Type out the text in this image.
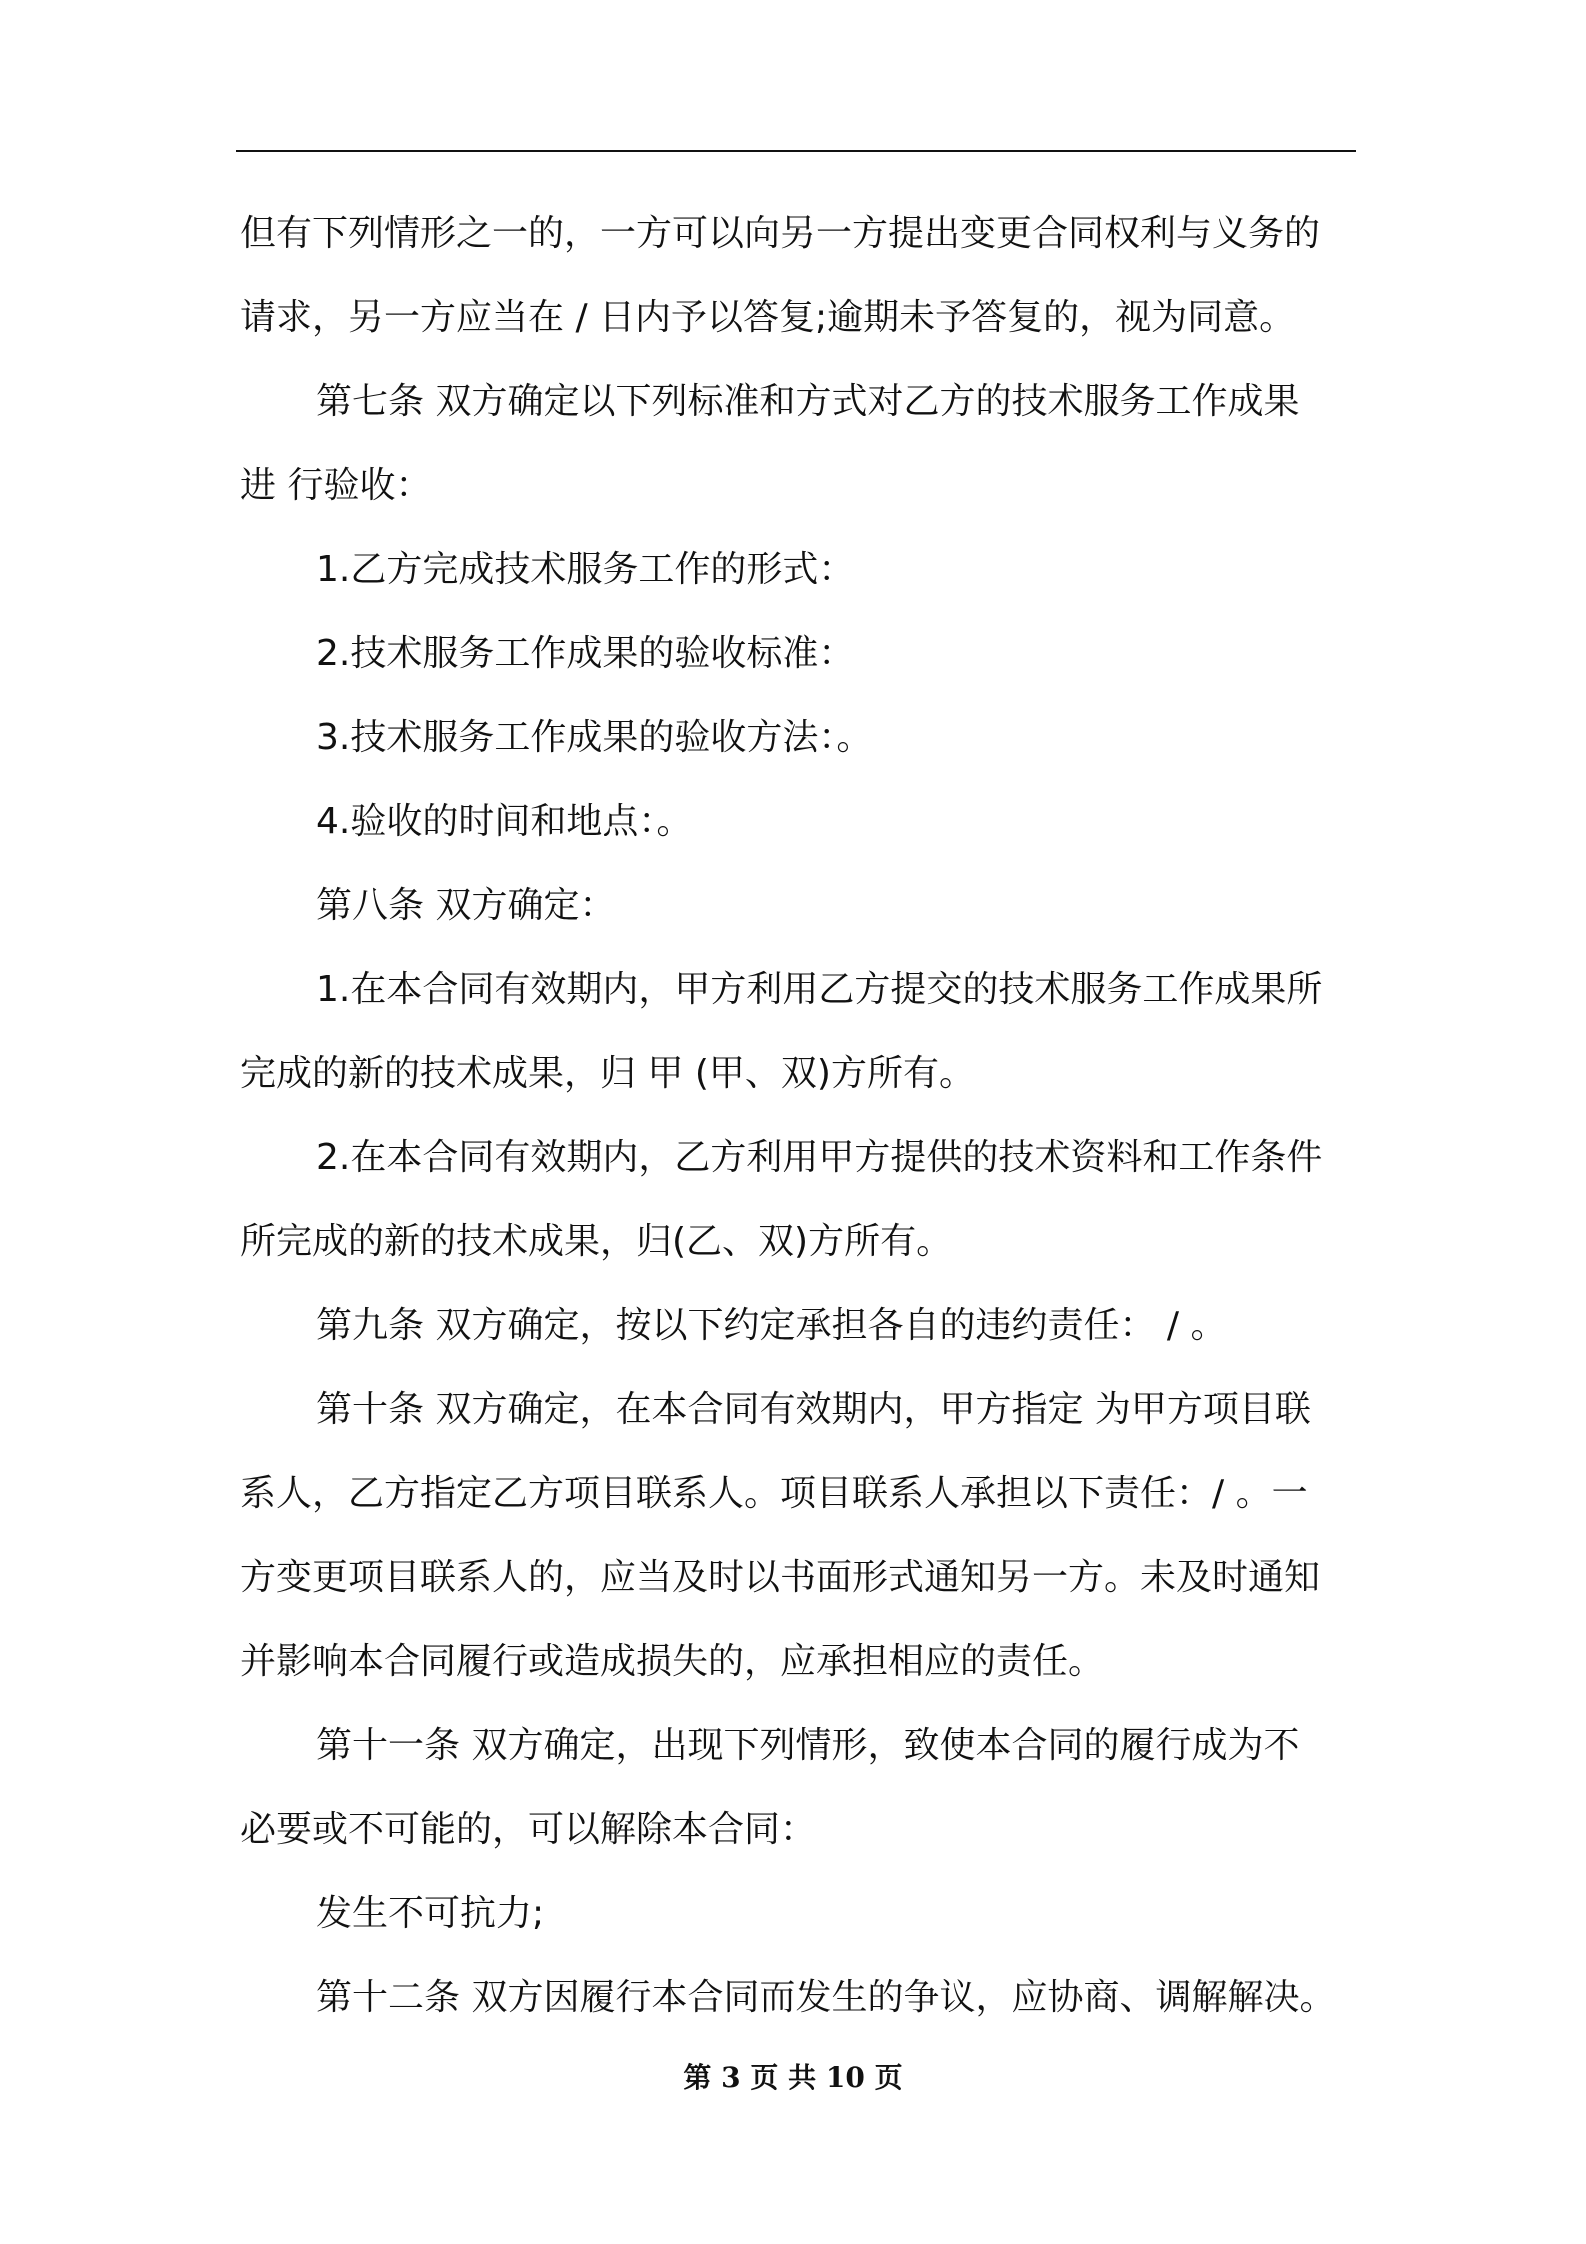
但有下列情形之一的，一方可以向另一方提出变更合同权利与义务的
请求，另一方应当在 / 日内予以答复;逾期未予答复的，视为同意。
第七条 双方确定以下列标准和方式对乙方的技术服务工作成果
进 行验收：
1.乙方完成技术服务工作的形式：
2.技术服务工作成果的验收标准：
3.技术服务工作成果的验收方法：。
4.验收的时间和地点：。
第八条 双方确定：
1.在本合同有效期内，甲方利用乙方提交的技术服务工作成果所
完成的新的技术成果，归 甲 (甲、双)方所有。
2.在本合同有效期内，乙方利用甲方提供的技术资料和工作条件
所完成的新的技术成果，归(乙、双)方所有。
第九条 双方确定，按以下约定承担各自的违约责任： / 。
第十条 双方确定，在本合同有效期内，甲方指定 为甲方项目联
系人，乙方指定乙方项目联系人。项目联系人承担以下责任：/ 。一
方变更项目联系人的，应当及时以书面形式通知另一方。未及时通知
并影响本合同履行或造成损失的，应承担相应的责任。
第十一条 双方确定，出现下列情形，致使本合同的履行成为不
必要或不可能的，可以解除本合同：
发生不可抗力;
第十二条 双方因履行本合同而发生的争议，应协商、调解解决。
第 3 页 共 10 页
